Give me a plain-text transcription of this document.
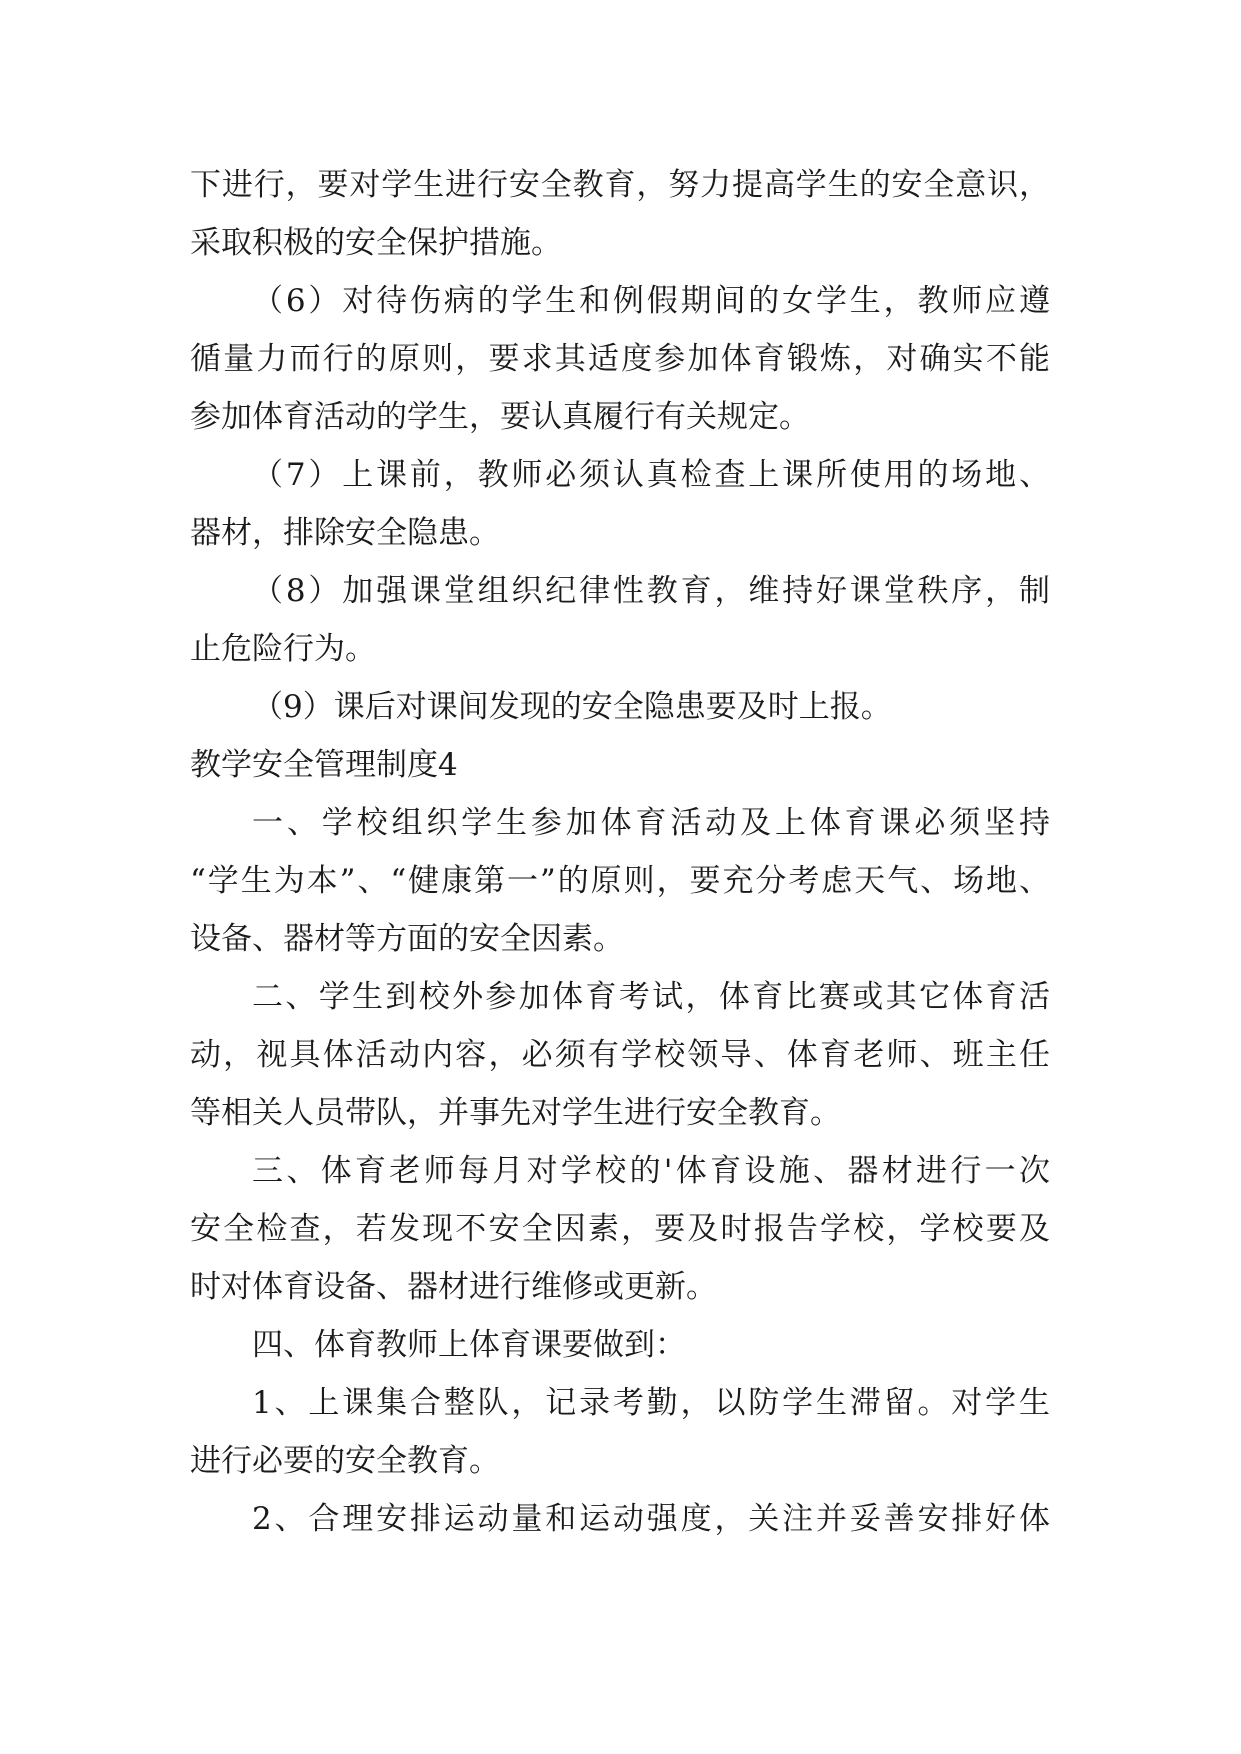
下进行，要对学生进行安全教育，努力提高学生的安全意识，
采取积极的安全保护措施。
（6）对待伤病的学生和例假期间的女学生，教师应遵
循量力而行的原则，要求其适度参加体育锻炼，对确实不能
参加体育活动的学生，要认真履行有关规定。
（7）上课前，教师必须认真检查上课所使用的场地、
器材，排除安全隐患。
（8）加强课堂组织纪律性教育，维持好课堂秩序，制
止危险行为。
（9）课后对课间发现的安全隐患要及时上报。
教学安全管理制度4
一、学校组织学生参加体育活动及上体育课必须坚持
“学生为本”、“健康第一”的原则，要充分考虑天气、场地、
设备、器材等方面的安全因素。
二、学生到校外参加体育考试，体育比赛或其它体育活
动，视具体活动内容，必须有学校领导、体育老师、班主任
等相关人员带队，并事先对学生进行安全教育。
三、体育老师每月对学校的'体育设施、器材进行一次
安全检查，若发现不安全因素，要及时报告学校，学校要及
时对体育设备、器材进行维修或更新。
四、体育教师上体育课要做到：
1、上课集合整队，记录考勤，以防学生滞留。对学生
进行必要的安全教育。
2、合理安排运动量和运动强度，关注并妥善安排好体
